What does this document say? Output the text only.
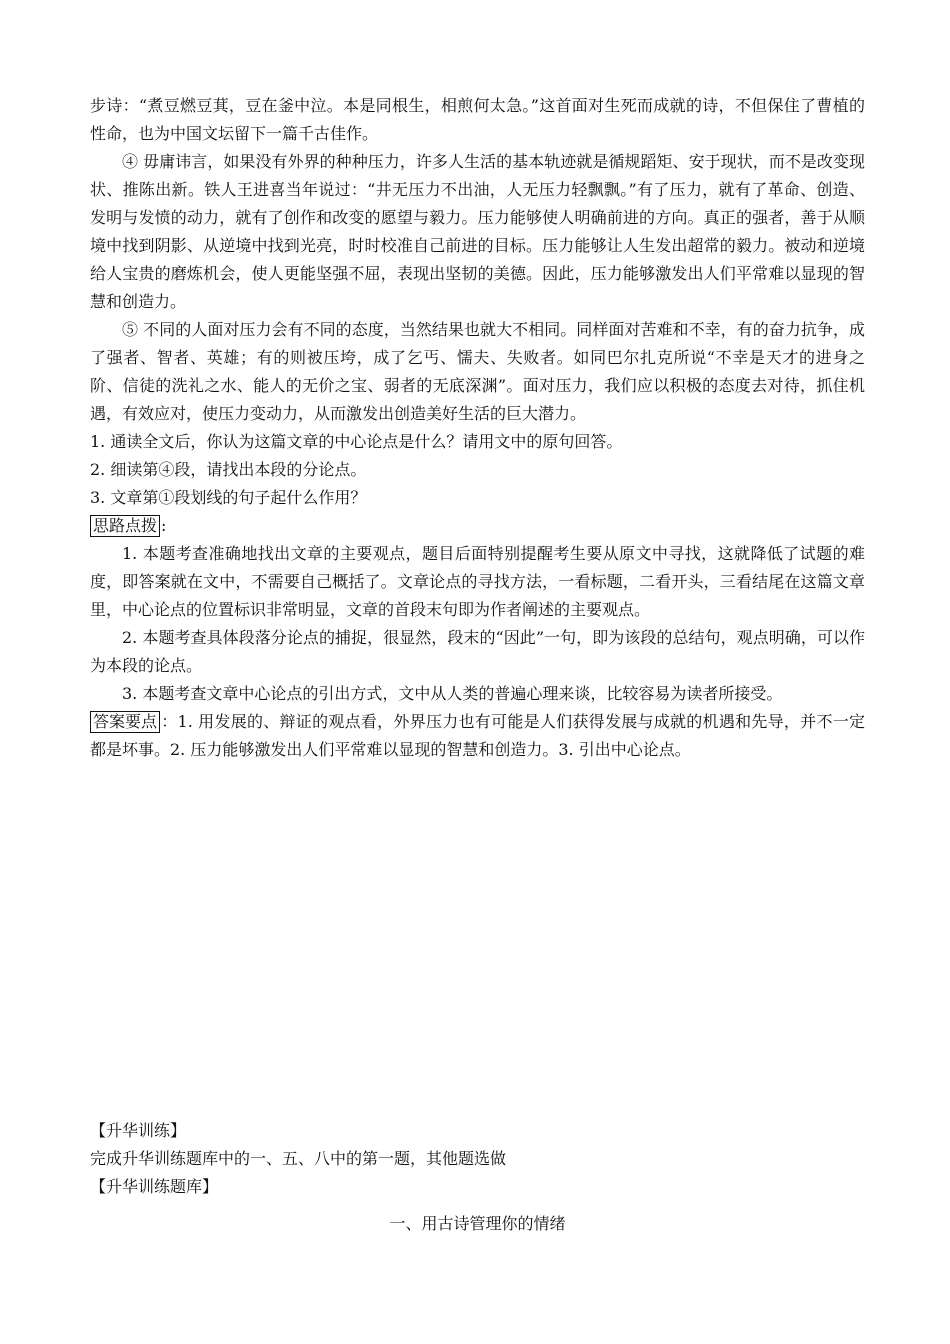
步诗：“煮豆燃豆萁，豆在釜中泣。本是同根生，相煎何太急。”这首面对生死而成就的诗，不但保住了曹植的性命，也为中国文坛留下一篇千古佳作。

④ 毋庸讳言，如果没有外界的种种压力，许多人生活的基本轨迹就是循规蹈矩、安于现状，而不是改变现状、推陈出新。铁人王进喜当年说过：“井无压力不出油，人无压力轻飘飘。”有了压力，就有了革命、创造、发明与发愤的动力，就有了创作和改变的愿望与毅力。压力能够使人明确前进的方向。真正的强者，善于从顺境中找到阴影、从逆境中找到光亮，时时校准自己前进的目标。压力能够让人生发出超常的毅力。被动和逆境给人宝贵的磨炼机会，使人更能坚强不屈，表现出坚韧的美德。因此，压力能够激发出人们平常难以显现的智慧和创造力。

⑤ 不同的人面对压力会有不同的态度，当然结果也就大不相同。同样面对苦难和不幸，有的奋力抗争，成了强者、智者、英雄；有的则被压垮，成了乞丐、懦夫、失败者。如同巴尔扎克所说“不幸是天才的进身之阶、信徒的洗礼之水、能人的无价之宝、弱者的无底深渊”。面对压力，我们应以积极的态度去对待，抓住机遇，有效应对，使压力变动力，从而激发出创造美好生活的巨大潜力。

1. 通读全文后，你认为这篇文章的中心论点是什么？请用文中的原句回答。

2. 细读第④段，请找出本段的分论点。

3. 文章第①段划线的句子起什么作用？

思路点拨 :

1. 本题考查准确地找出文章的主要观点，题目后面特别提醒考生要从原文中寻找，这就降低了试题的难度，即答案就在文中，不需要自己概括了。文章论点的寻找方法，一看标题，二看开头，三看结尾在这篇文章里，中心论点的位置标识非常明显，文章的首段末句即为作者阐述的主要观点。

2. 本题考查具体段落分论点的捕捉，很显然，段末的“因此”一句，即为该段的总结句，观点明确，可以作为本段的论点。

3. 本题考查文章中心论点的引出方式，文中从人类的普遍心理来谈，比较容易为读者所接受。

答案要点 ：1. 用发展的、辩证的观点看，外界压力也有可能是人们获得发展与成就的机遇和先导，并不一定都是坏事。2. 压力能够激发出人们平常难以显现的智慧和创造力。3. 引出中心论点。

【升华训练】

完成升华训练题库中的一、五、八中的第一题，其他题选做

【升华训练题库】

一、用古诗管理你的情绪
